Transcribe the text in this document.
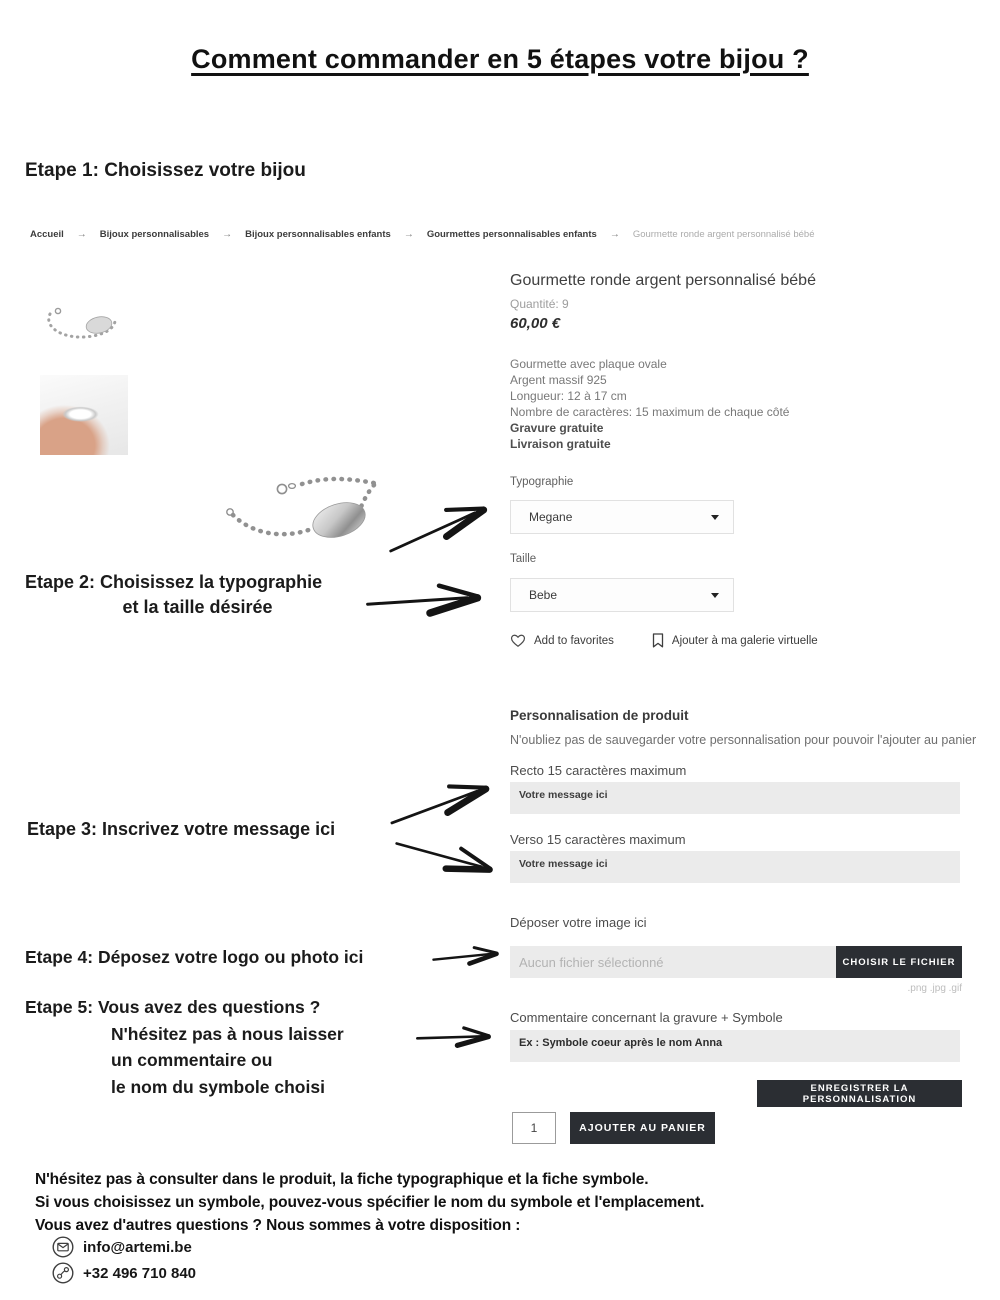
Comment commander en 5 étapes votre bijou ?
Etape 1: Choisissez votre bijou
Accueil → Bijoux personnalisables → Bijoux personnalisables enfants → Gourmettes personnalisables enfants → Gourmette ronde argent personnalisé bébé
Gourmette ronde argent personnalisé bébé
Quantité: 9
60,00 €
Gourmette avec plaque ovale
Argent massif 925
Longueur: 12 à 17 cm
Nombre de caractères: 15 maximum de chaque côté
Gravure gratuite
Livraison gratuite
Typographie
Megane
Taille
Bebe
Add to favorites	Ajouter à ma galerie virtuelle
Etape 2: Choisissez la typographie
et la taille désirée
Personnalisation de produit
N'oubliez pas de sauvegarder votre personnalisation pour pouvoir l'ajouter au panier
Recto 15 caractères maximum
Votre message ici
Verso 15 caractères maximum
Votre message ici
Etape 3: Inscrivez votre message ici
Déposer votre image ici
Aucun fichier sélectionné
CHOISIR LE FICHIER
.png .jpg .gif
Etape 4: Déposez votre logo ou photo ici
Commentaire concernant la gravure + Symbole
Ex : Symbole coeur après le nom Anna
Etape 5: Vous avez des questions ?
N'hésitez pas à nous laisser
un commentaire ou
le nom du symbole choisi	ENREGISTRER LA PERSONNALISATION
1
AJOUTER AU PANIER
N'hésitez pas à consulter dans le produit, la fiche typographique et la fiche symbole.
Si vous choisissez un symbole, pouvez-vous spécifier le nom du symbole et l'emplacement.
Vous avez d'autres questions ? Nous sommes à votre disposition :
info@artemi.be
+32 496 710 840
